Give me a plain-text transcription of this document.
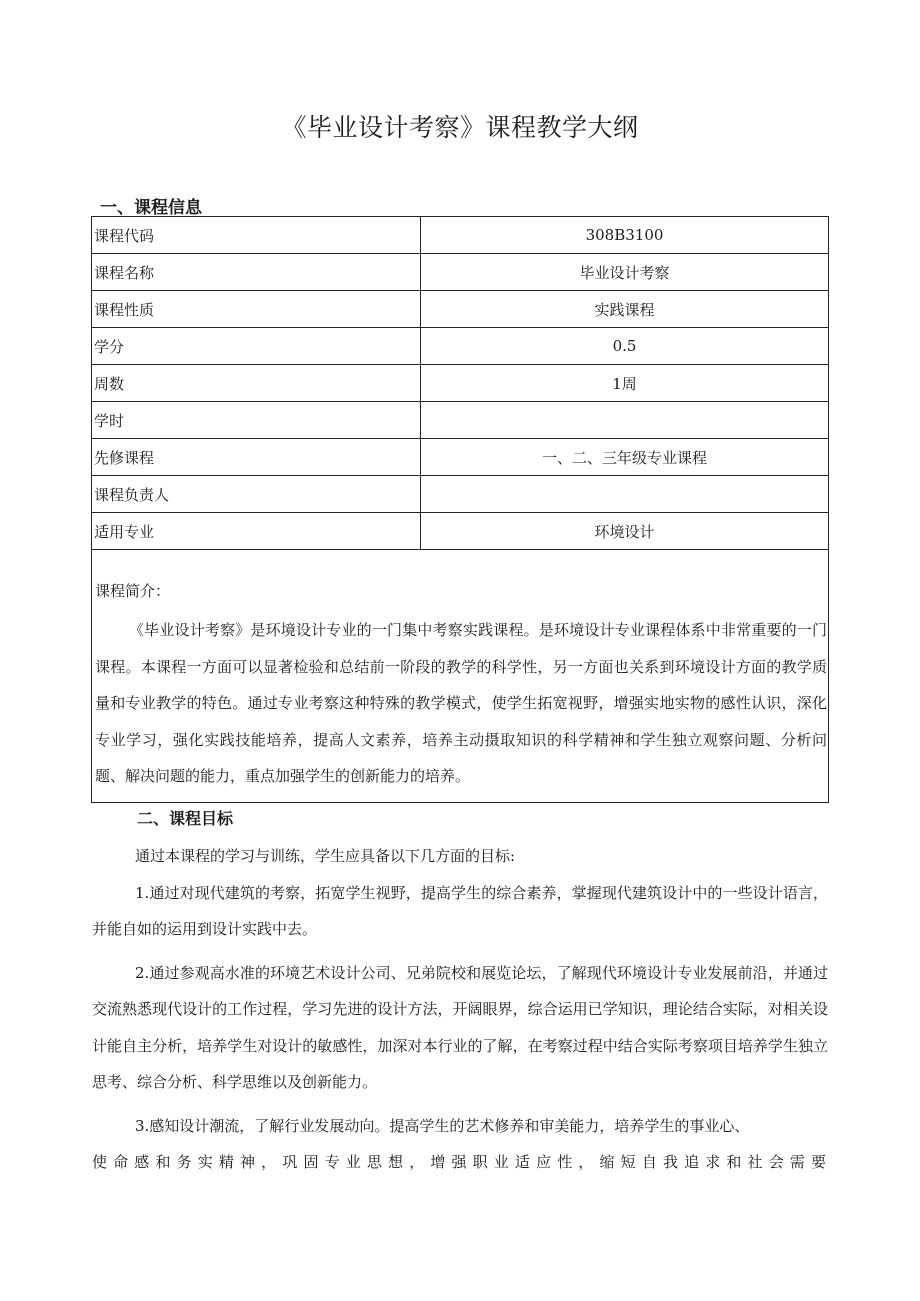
《毕业设计考察》课程教学大纲
一、课程信息
课程代码	308B3100
课程名称	毕业设计考察
课程性质	实践课程
学分	0.5
周数	1周
学时	
先修课程	一、二、三年级专业课程
课程负责人	
适用专业	环境设计
课程简介：
《毕业设计考察》是环境设计专业的一门集中考察实践课程。是环境设计专业课程体系中非常重要的一门课程。本课程一方面可以显著检验和总结前一阶段的教学的科学性，另一方面也关系到环境设计方面的教学质量和专业教学的特色。通过专业考察这种特殊的教学模式，使学生拓宽视野，增强实地实物的感性认识，深化专业学习，强化实践技能培养，提高人文素养，培养主动摄取知识的科学精神和学生独立观察问题、分析问题、解决问题的能力，重点加强学生的创新能力的培养。
二、课程目标

通过本课程的学习与训练，学生应具备以下几方面的目标:

1.通过对现代建筑的考察，拓宽学生视野，提高学生的综合素养，掌握现代建筑设计中的一些设计语言，并能自如的运用到设计实践中去。

2.通过参观高水准的环境艺术设计公司、兄弟院校和展览论坛，了解现代环境设计专业发展前沿，并通过交流熟悉现代设计的工作过程，学习先进的设计方法，开阔眼界，综合运用已学知识，理论结合实际，对相关设计能自主分析，培养学生对设计的敏感性，加深对本行业的了解，在考察过程中结合实际考察项目培养学生独立思考、综合分析、科学思维以及创新能力。

3.感知设计潮流，了解行业发展动向。提高学生的艺术修养和审美能力，培养学生的事业心、

使命感和务实精神，巩固专业思想，增强职业适应性，缩短自我追求和社会需要
